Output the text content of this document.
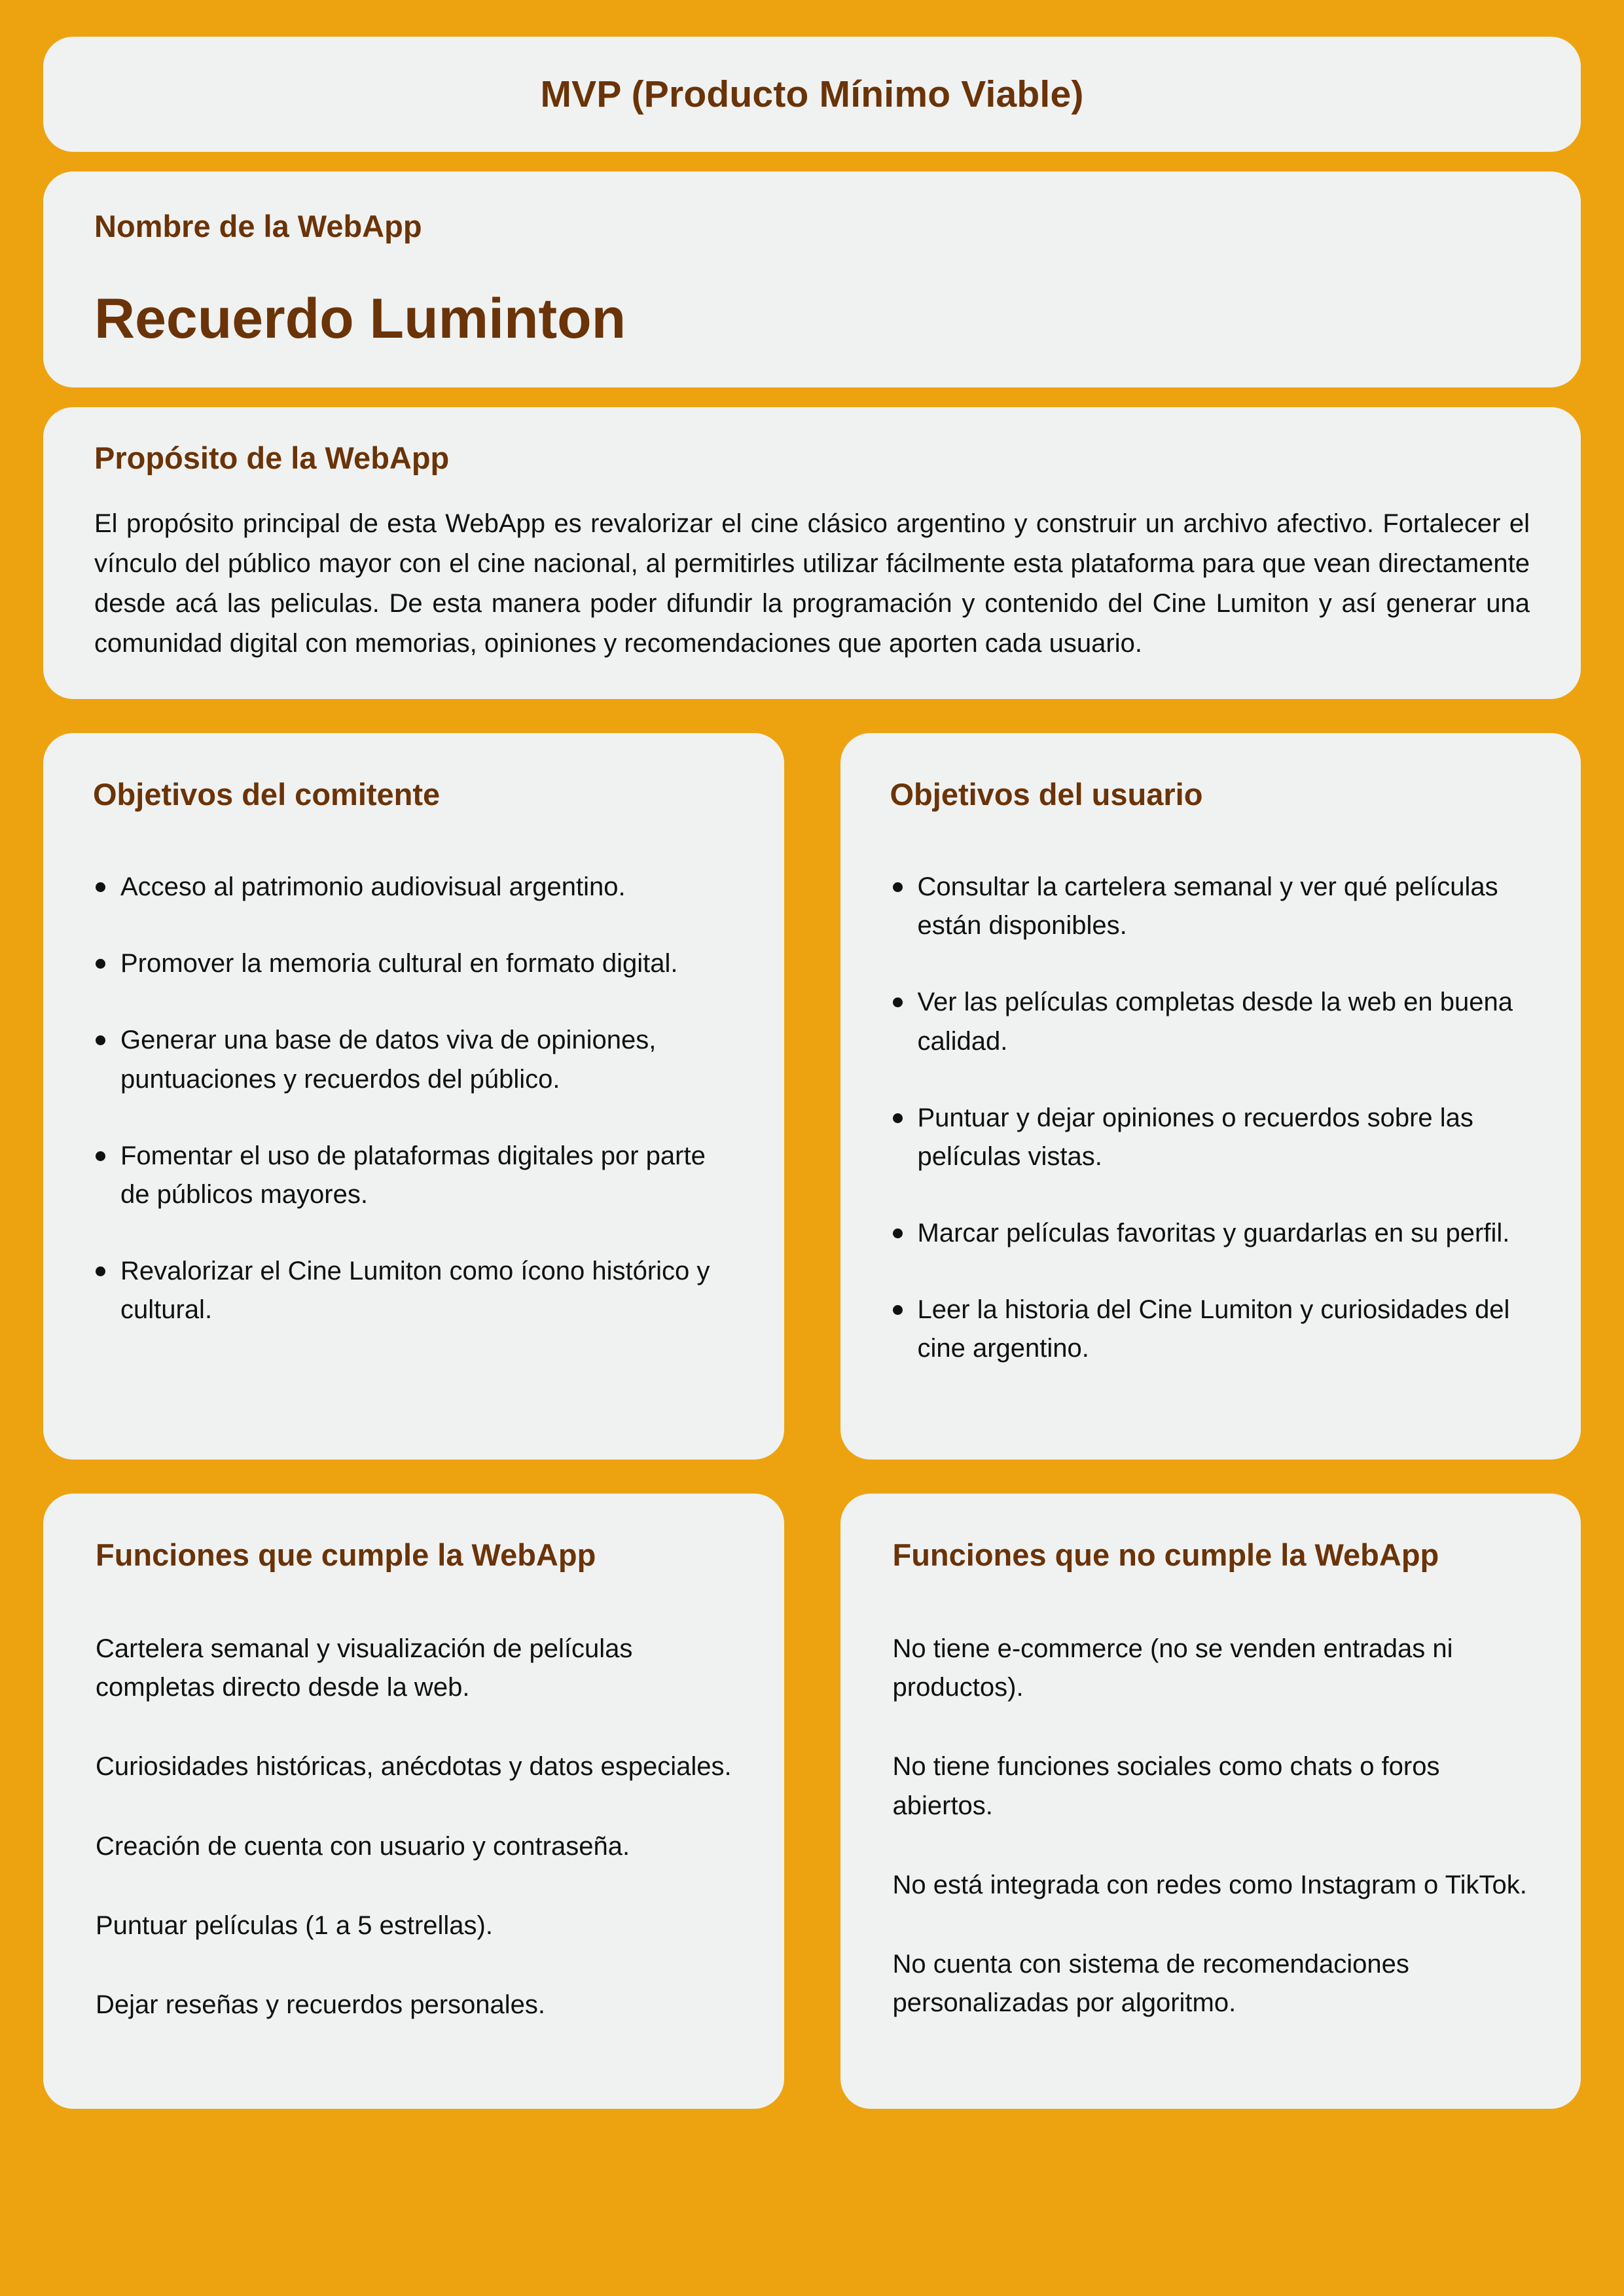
MVP (Producto Mínimo Viable)
Nombre de la WebApp
Recuerdo Luminton
Propósito de la WebApp

El propósito principal de esta WebApp es revalorizar el cine clásico argentino y construir un archivo afectivo. Fortalecer el vínculo del público mayor con el cine nacional, al permitirles utilizar fácilmente esta plataforma para que vean directamente desde acá las peliculas. De esta manera poder difundir la programación y contenido del Cine Lumiton y así generar una comunidad digital con memorias, opiniones y recomendaciones que aporten cada usuario.

Objetivos del comitente
Acceso al patrimonio audiovisual argentino.
Promover la memoria cultural en formato digital.
Generar una base de datos viva de opiniones, puntuaciones y recuerdos del público.
Fomentar el uso de plataformas digitales por parte de públicos mayores.
Revalorizar el Cine Lumiton como ícono histórico y cultural.
Objetivos del usuario
Consultar la cartelera semanal y ver qué películas están disponibles.
Ver las películas completas desde la web en buena calidad.
Puntuar y dejar opiniones o recuerdos sobre las películas vistas.
Marcar películas favoritas y guardarlas en su perfil.
Leer la historia del Cine Lumiton y curiosidades del cine argentino.
Funciones que cumple la WebApp
Cartelera semanal y visualización de películas completas directo desde la web.
Curiosidades históricas, anécdotas y datos especiales.
Creación de cuenta con usuario y contraseña.
Puntuar películas (1 a 5 estrellas).
Dejar reseñas y recuerdos personales.
Funciones que no cumple la WebApp
No tiene e-commerce (no se venden entradas ni productos).
No tiene funciones sociales como chats o foros abiertos.
No está integrada con redes como Instagram o TikTok.
No cuenta con sistema de recomendaciones personalizadas por algoritmo.
